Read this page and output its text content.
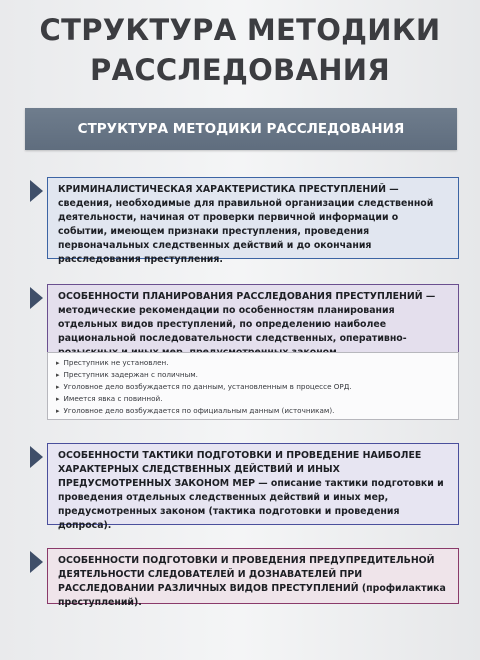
СТРУКТУРА МЕТОДИКИ
РАССЛЕДОВАНИЯ
СТРУКТУРА МЕТОДИКИ РАССЛЕДОВАНИЯ
КРИМИНАЛИСТИЧЕСКАЯ ХАРАКТЕРИСТИКА ПРЕСТУПЛЕНИЙ — сведения, необходимые для правильной организации следственной деятельности, начиная от проверки первичной информации о событии, имеющем признаки преступления, проведения первоначальных следственных действий и до окончания расследования преступления.
ОСОБЕННОСТИ ПЛАНИРОВАНИЯ РАССЛЕДОВАНИЯ ПРЕСТУПЛЕНИЙ — методические рекомендации по особенностям планирования отдельных видов преступлений, по определению наиболее рациональной последовательности следственных, оперативно-
▸ Преступник не установлен.
▸ Преступник задержан с поличным.
▸ Уголовное дело возбуждается по данным, установленным в процессе ОРД.
▸ Имеется явка с повинной.
▸ Уголовное дело возбуждается по официальным данным (источникам).
ОСОБЕННОСТИ ТАКТИКИ ПОДГОТОВКИ И ПРОВЕДЕНИЕ НАИБОЛЕЕ ХАРАКТЕРНЫХ СЛЕДСТВЕННЫХ ДЕЙСТВИЙ И ИНЫХ ПРЕДУСМОТРЕННЫХ ЗАКОНОМ МЕР — описание тактики подготовки и проведения отдельных следственных действий и иных мер, предусмотренных законом (тактика подготовки и проведения допроса).
ОСОБЕННОСТИ ПОДГОТОВКИ И ПРОВЕДЕНИЯ ПРЕДУПРЕДИТЕЛЬНОЙ ДЕЯТЕЛЬНОСТИ СЛЕДОВАТЕЛЕЙ И ДОЗНАВАТЕЛЕЙ ПРИ РАССЛЕДОВАНИИ РАЗЛИЧНЫХ ВИДОВ ПРЕСТУПЛЕНИЙ (профилактика преступлений).
